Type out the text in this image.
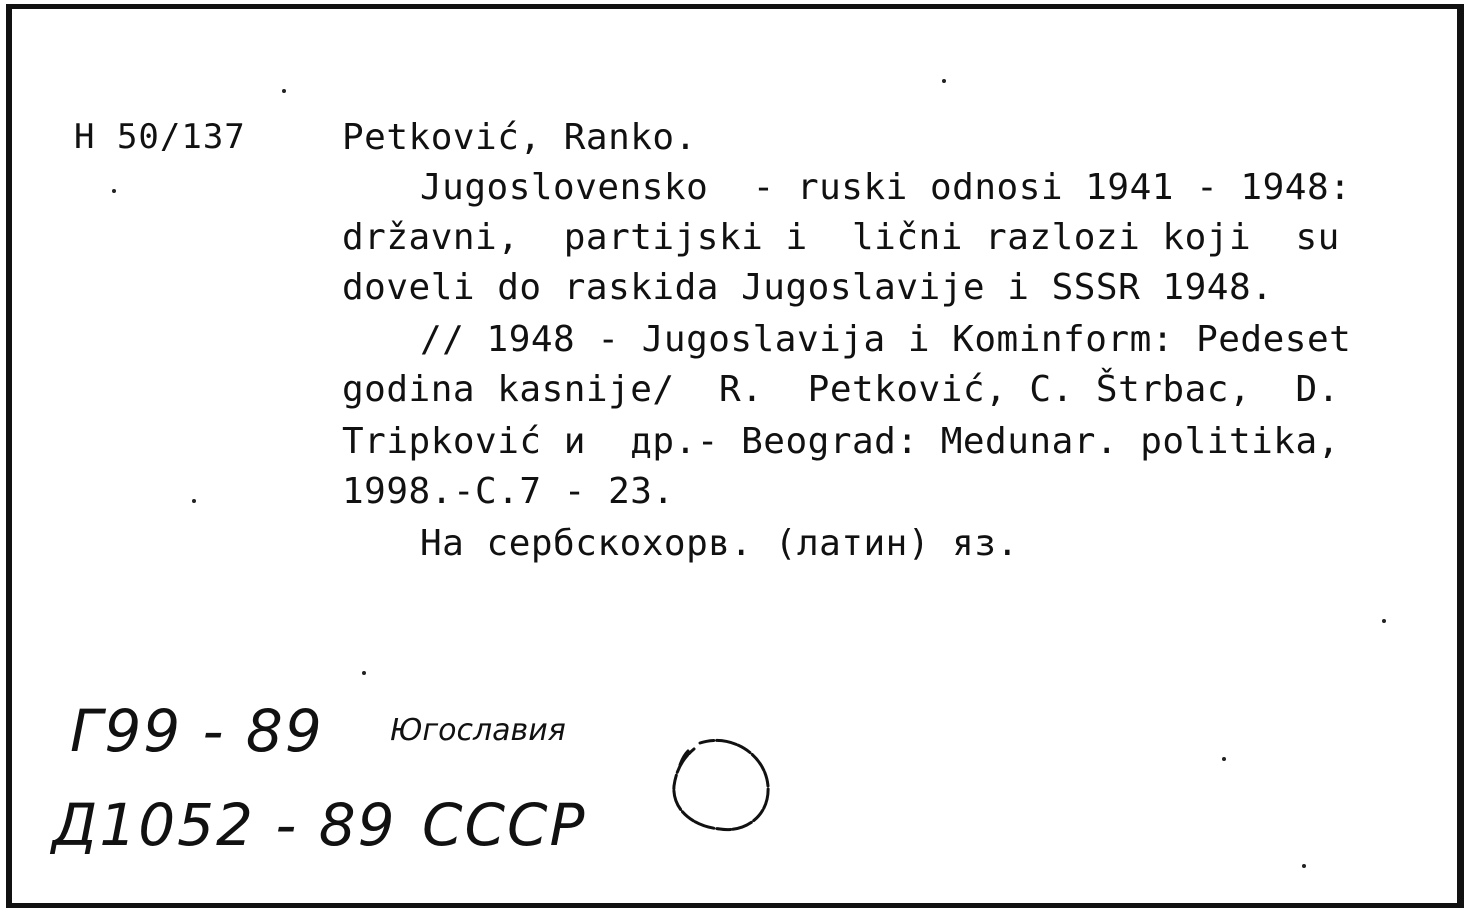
H 50/137	Petković, Ranko.
Jugoslovensko  - ruski odnosi 1941 - 1948:
državni,  partijski i  lični razlozi koji  su
doveli do raskida Jugoslavije i SSSR 1948.
// 1948 - Jugoslavija i Kominform: Pedeset
godina kasnije/  R.  Petković, C. Štrbac,  D.
Tripković и  др.- Beograd: Medunar. politika,
1998.-C.7 - 23.
На сербскохорв. (латин) яз.
Г99 - 89 Югославия
Д1052 - 89 СССР
